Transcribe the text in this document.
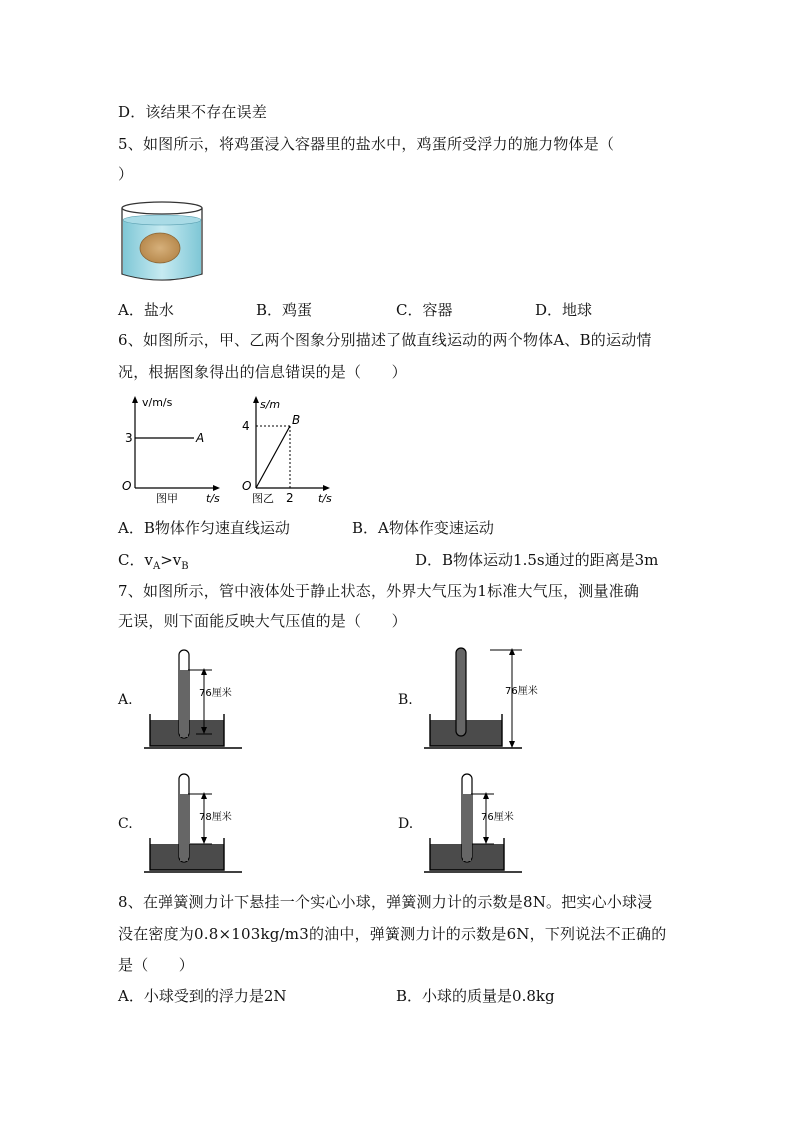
D．该结果不存在误差
5、如图所示，将鸡蛋浸入容器里的盐水中，鸡蛋所受浮力的施力物体是（
）
A．盐水	B．鸡蛋	C．容器	D．地球
6、如图所示，甲、乙两个图象分别描述了做直线运动的两个物体A、B的运动情
况，根据图象得出的信息错误的是（　　）
v/m/s
3	A
O
图甲	t/s
s/m
4	B
O
2
图乙	t/s
A．B物体作匀速直线运动	B．A物体作变速运动
C．$v_A>v_B$	D．B物体运动1.5s通过的距离是3m
7、如图所示，管中液体处于静止状态，外界大气压为1标准大气压，测量准确
无误，则下面能反映大气压值的是（　　）
A.	76厘米	B.
76厘米
C.	78厘米	D.	76厘米
8、在弹簧测力计下悬挂一个实心小球，弹簧测力计的示数是8N。把实心小球浸
没在密度为0.8×103kg/m3的油中，弹簧测力计的示数是6N，下列说法不正确的
是（　　）
A．小球受到的浮力是2N	B．小球的质量是0.8kg
